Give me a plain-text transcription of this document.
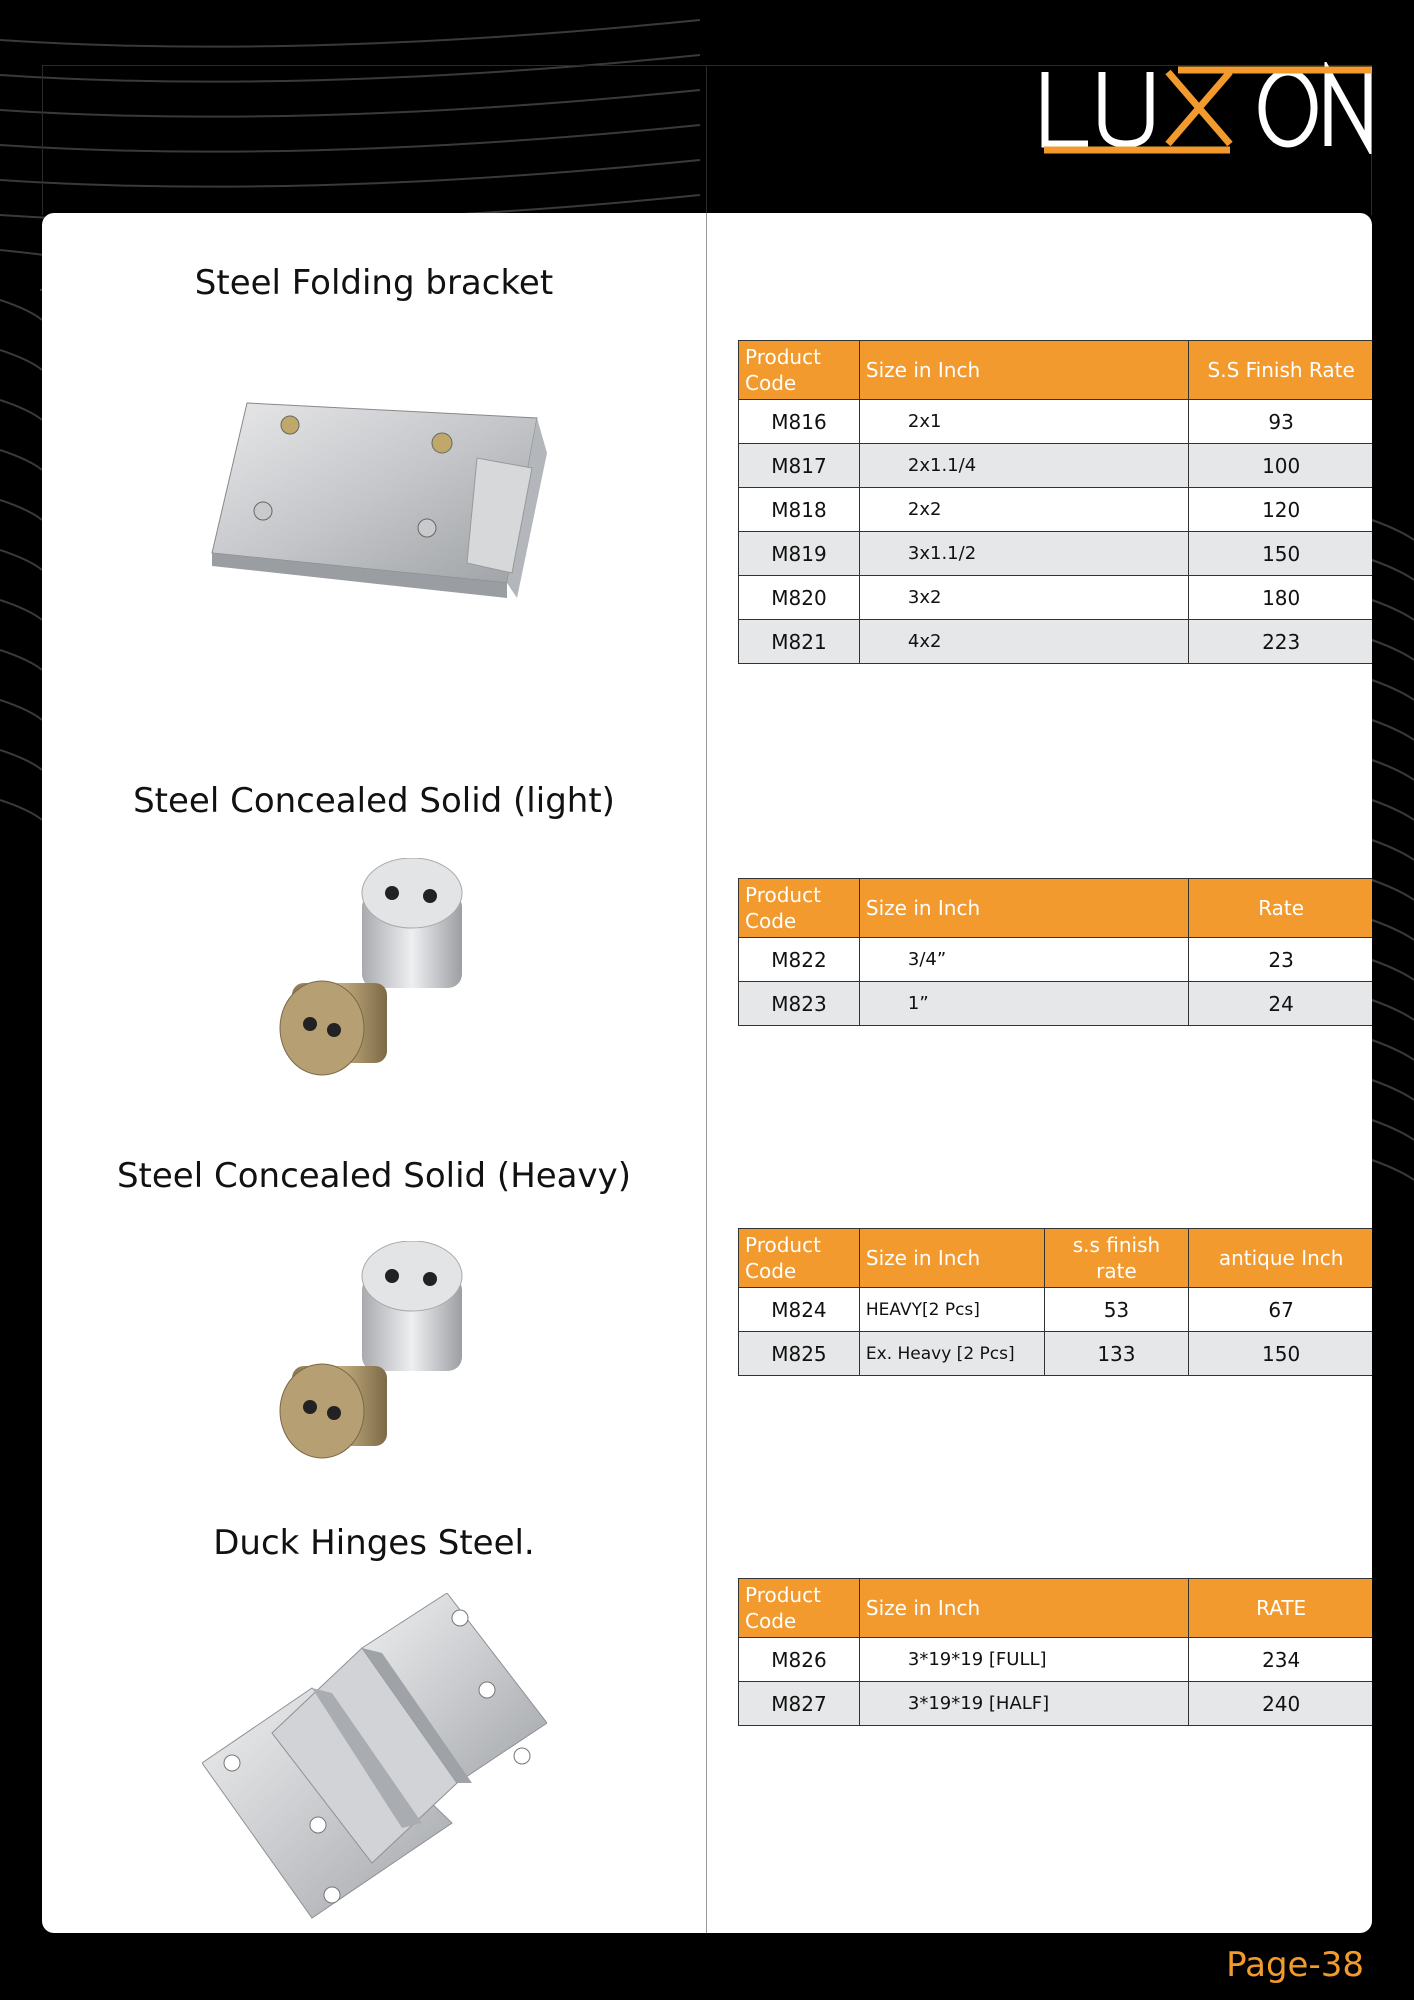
Steel Folding bracket
Product Code	Size in Inch	S.S Finish Rate
M816	2x1	93
M817	2x1.1/4	100
M818	2x2	120
M819	3x1.1/2	150
M820	3x2	180
M821	4x2	223
Steel Concealed Solid (light)
Product Code	Size in Inch	Rate
M822	3/4”	23
M823	1”	24
Steel Concealed Solid (Heavy)
Product Code	Size in Inch	s.s finish rate	antique Inch
M824	HEAVY[2 Pcs]	53	67
M825	Ex. Heavy [2 Pcs]	133	150
Duck Hinges Steel.
Product Code	Size in Inch	RATE
M826	3*19*19 [FULL]	234
M827	3*19*19 [HALF]	240
Page-38
